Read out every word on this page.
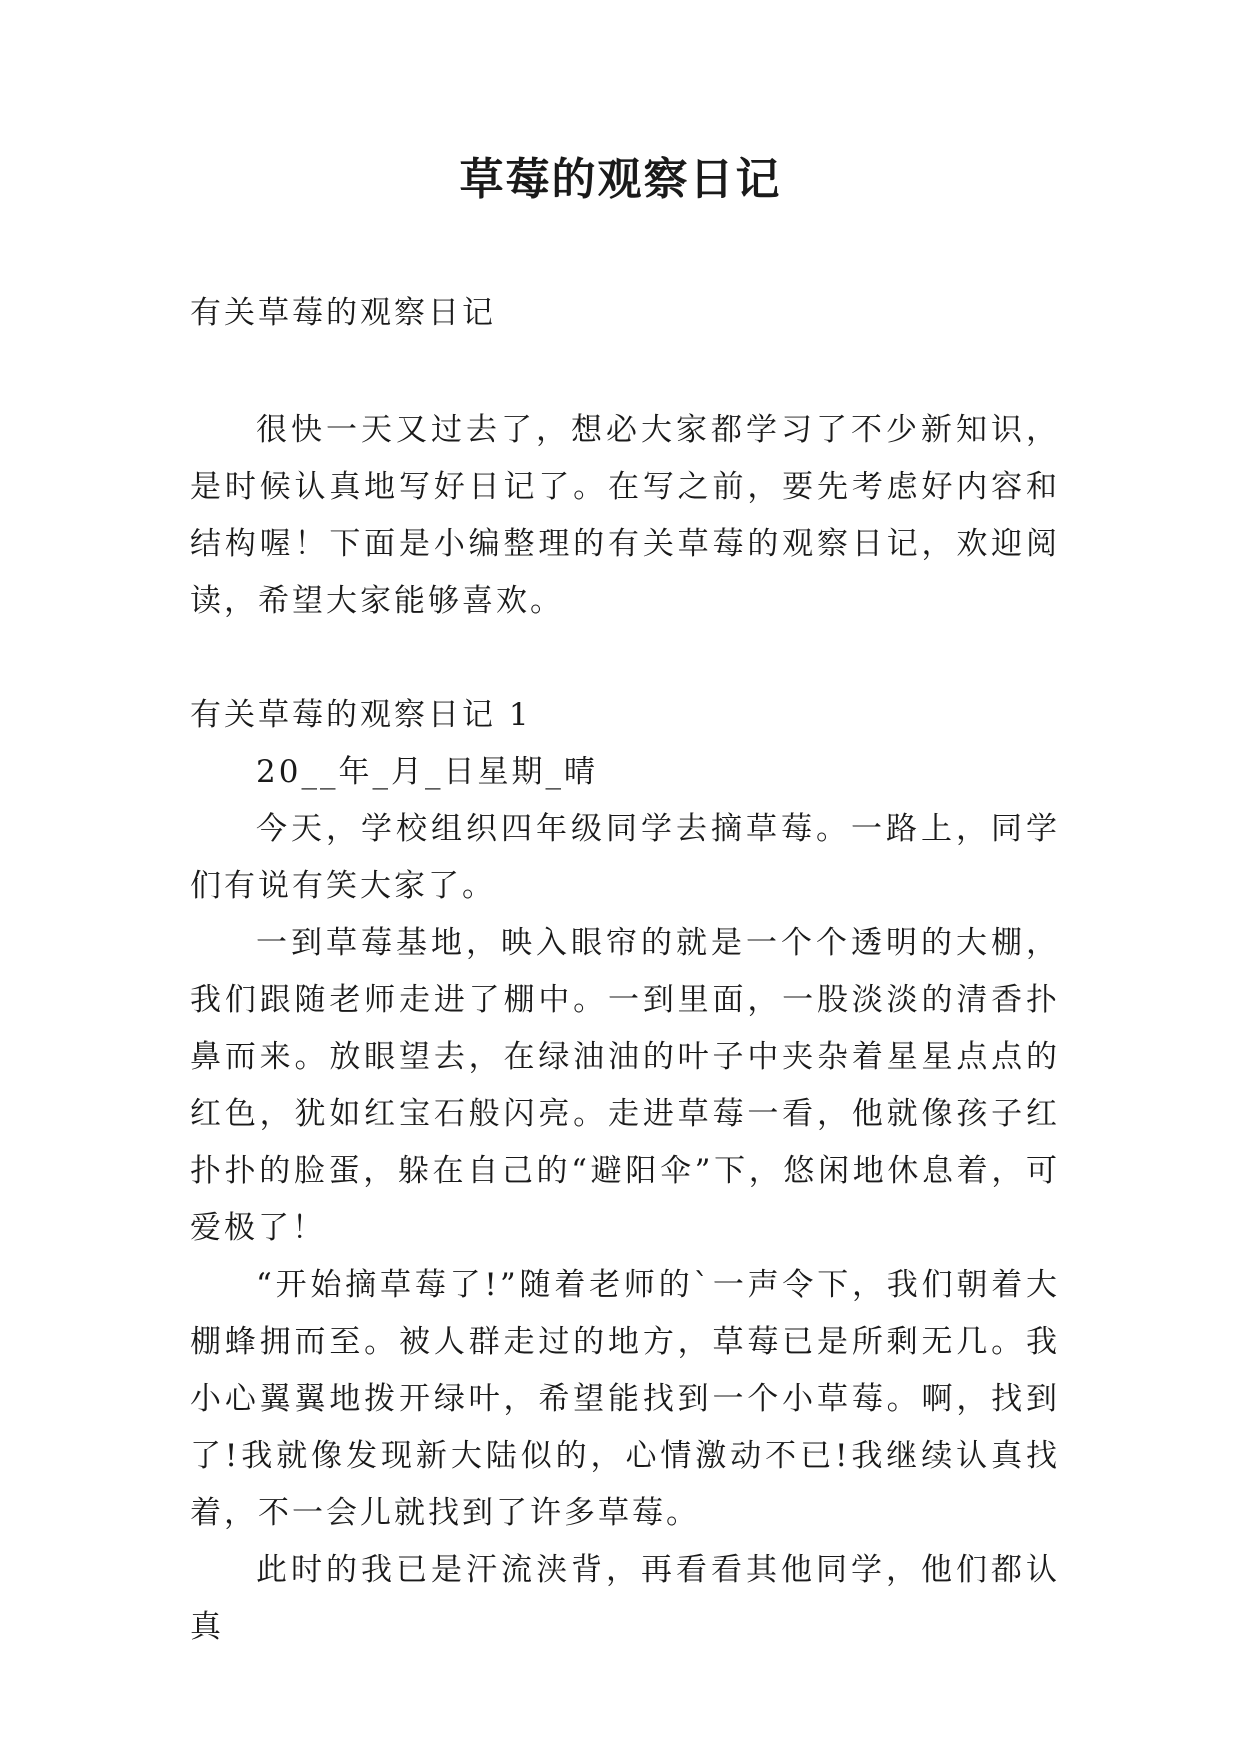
草莓的观察日记

有关草莓的观察日记

很快一天又过去了，想必大家都学习了不少新知识，是时候认真地写好日记了。在写之前，要先考虑好内容和结构喔！下面是小编整理的有关草莓的观察日记，欢迎阅读，希望大家能够喜欢。

有关草莓的观察日记 1

20__年_月_日星期_晴

今天，学校组织四年级同学去摘草莓。一路上，同学们有说有笑大家了。

一到草莓基地，映入眼帘的就是一个个透明的大棚，我们跟随老师走进了棚中。一到里面，一股淡淡的清香扑鼻而来。放眼望去，在绿油油的叶子中夹杂着星星点点的红色，犹如红宝石般闪亮。走进草莓一看，他就像孩子红扑扑的脸蛋，躲在自己的“避阳伞”下，悠闲地休息着，可爱极了！

“开始摘草莓了!”随着老师的`一声令下，我们朝着大棚蜂拥而至。被人群走过的地方，草莓已是所剩无几。我小心翼翼地拨开绿叶，希望能找到一个小草莓。啊，找到了!我就像发现新大陆似的，心情激动不已!我继续认真找着，不一会儿就找到了许多草莓。

此时的我已是汗流浃背，再看看其他同学，他们都认真
